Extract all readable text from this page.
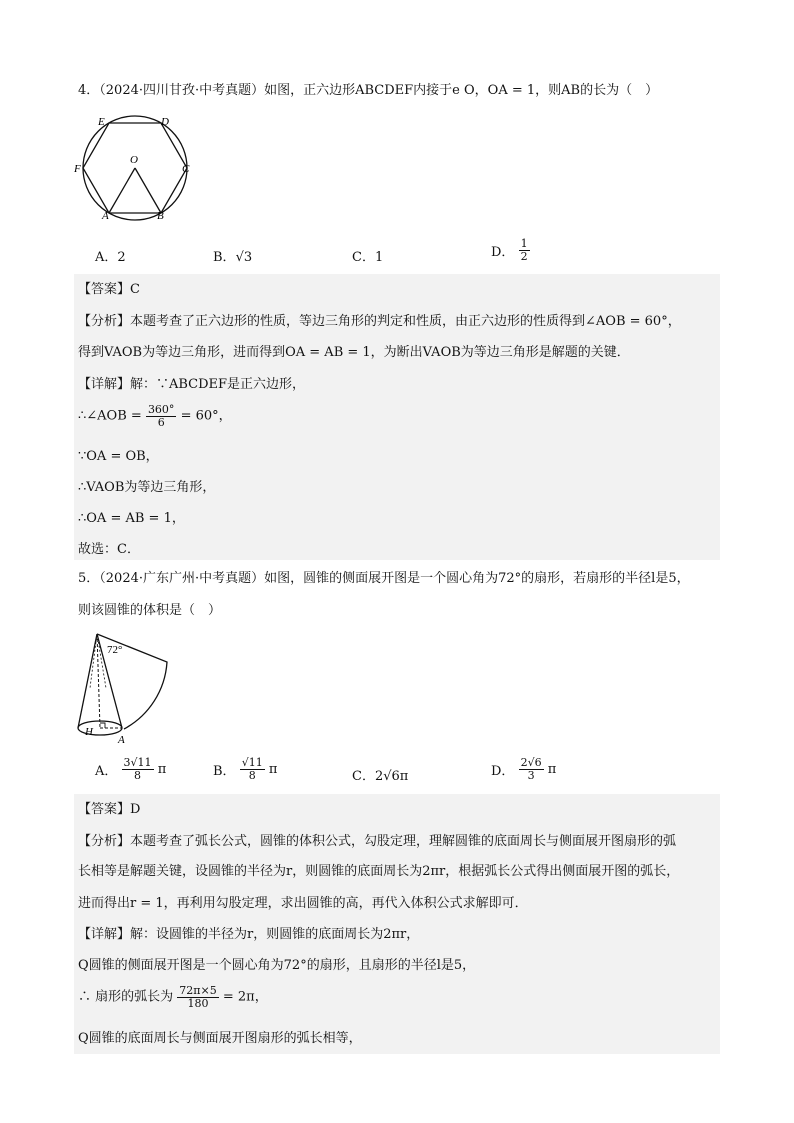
4．（2024·四川甘孜·中考真题）如图，正六边形ABCDEF内接于e O，OA = 1，则AB的长为（　）
E	D
F	C
O
A	B
A．2	B．√3	C．1	D． $\frac{1}{2}$
【答案】C
【分析】本题考查了正六边形的性质，等边三角形的判定和性质，由正六边形的性质得到∠AOB = 60°，
得到VAOB为等边三角形，进而得到OA = AB = 1，为断出VAOB为等边三角形是解题的关键．
【详解】解：∵ABCDEF是正六边形，
∴∠AOB = $\frac{360^\circ}{6} = 60^\circ$，
∵OA = OB，
∴VAOB为等边三角形，
∴OA = AB = 1，
故选：C．
5．（2024·广东广州·中考真题）如图，圆锥的侧面展开图是一个圆心角为72°的扇形，若扇形的半径l是5，
则该圆锥的体积是（　）
72°
H
A
A． $\frac{3√11}{8}$ π	B． $\frac{√11}{8}$ π	C．2√6π	D． $\frac{2√6}{3}$ π
【答案】D
【分析】本题考查了弧长公式，圆锥的体积公式，勾股定理，理解圆锥的底面周长与侧面展开图扇形的弧
长相等是解题关键，设圆锥的半径为r，则圆锥的底面周长为2πr，根据弧长公式得出侧面展开图的弧长，
进而得出r = 1，再利用勾股定理，求出圆锥的高，再代入体积公式求解即可．
【详解】解：设圆锥的半径为r，则圆锥的底面周长为2πr，
Q圆锥的侧面展开图是一个圆心角为72°的扇形，且扇形的半径l是5，
∴ 扇形的弧长为 $\frac{72\pi\times 5}{180} = 2\pi$，
Q圆锥的底面周长与侧面展开图扇形的弧长相等，
